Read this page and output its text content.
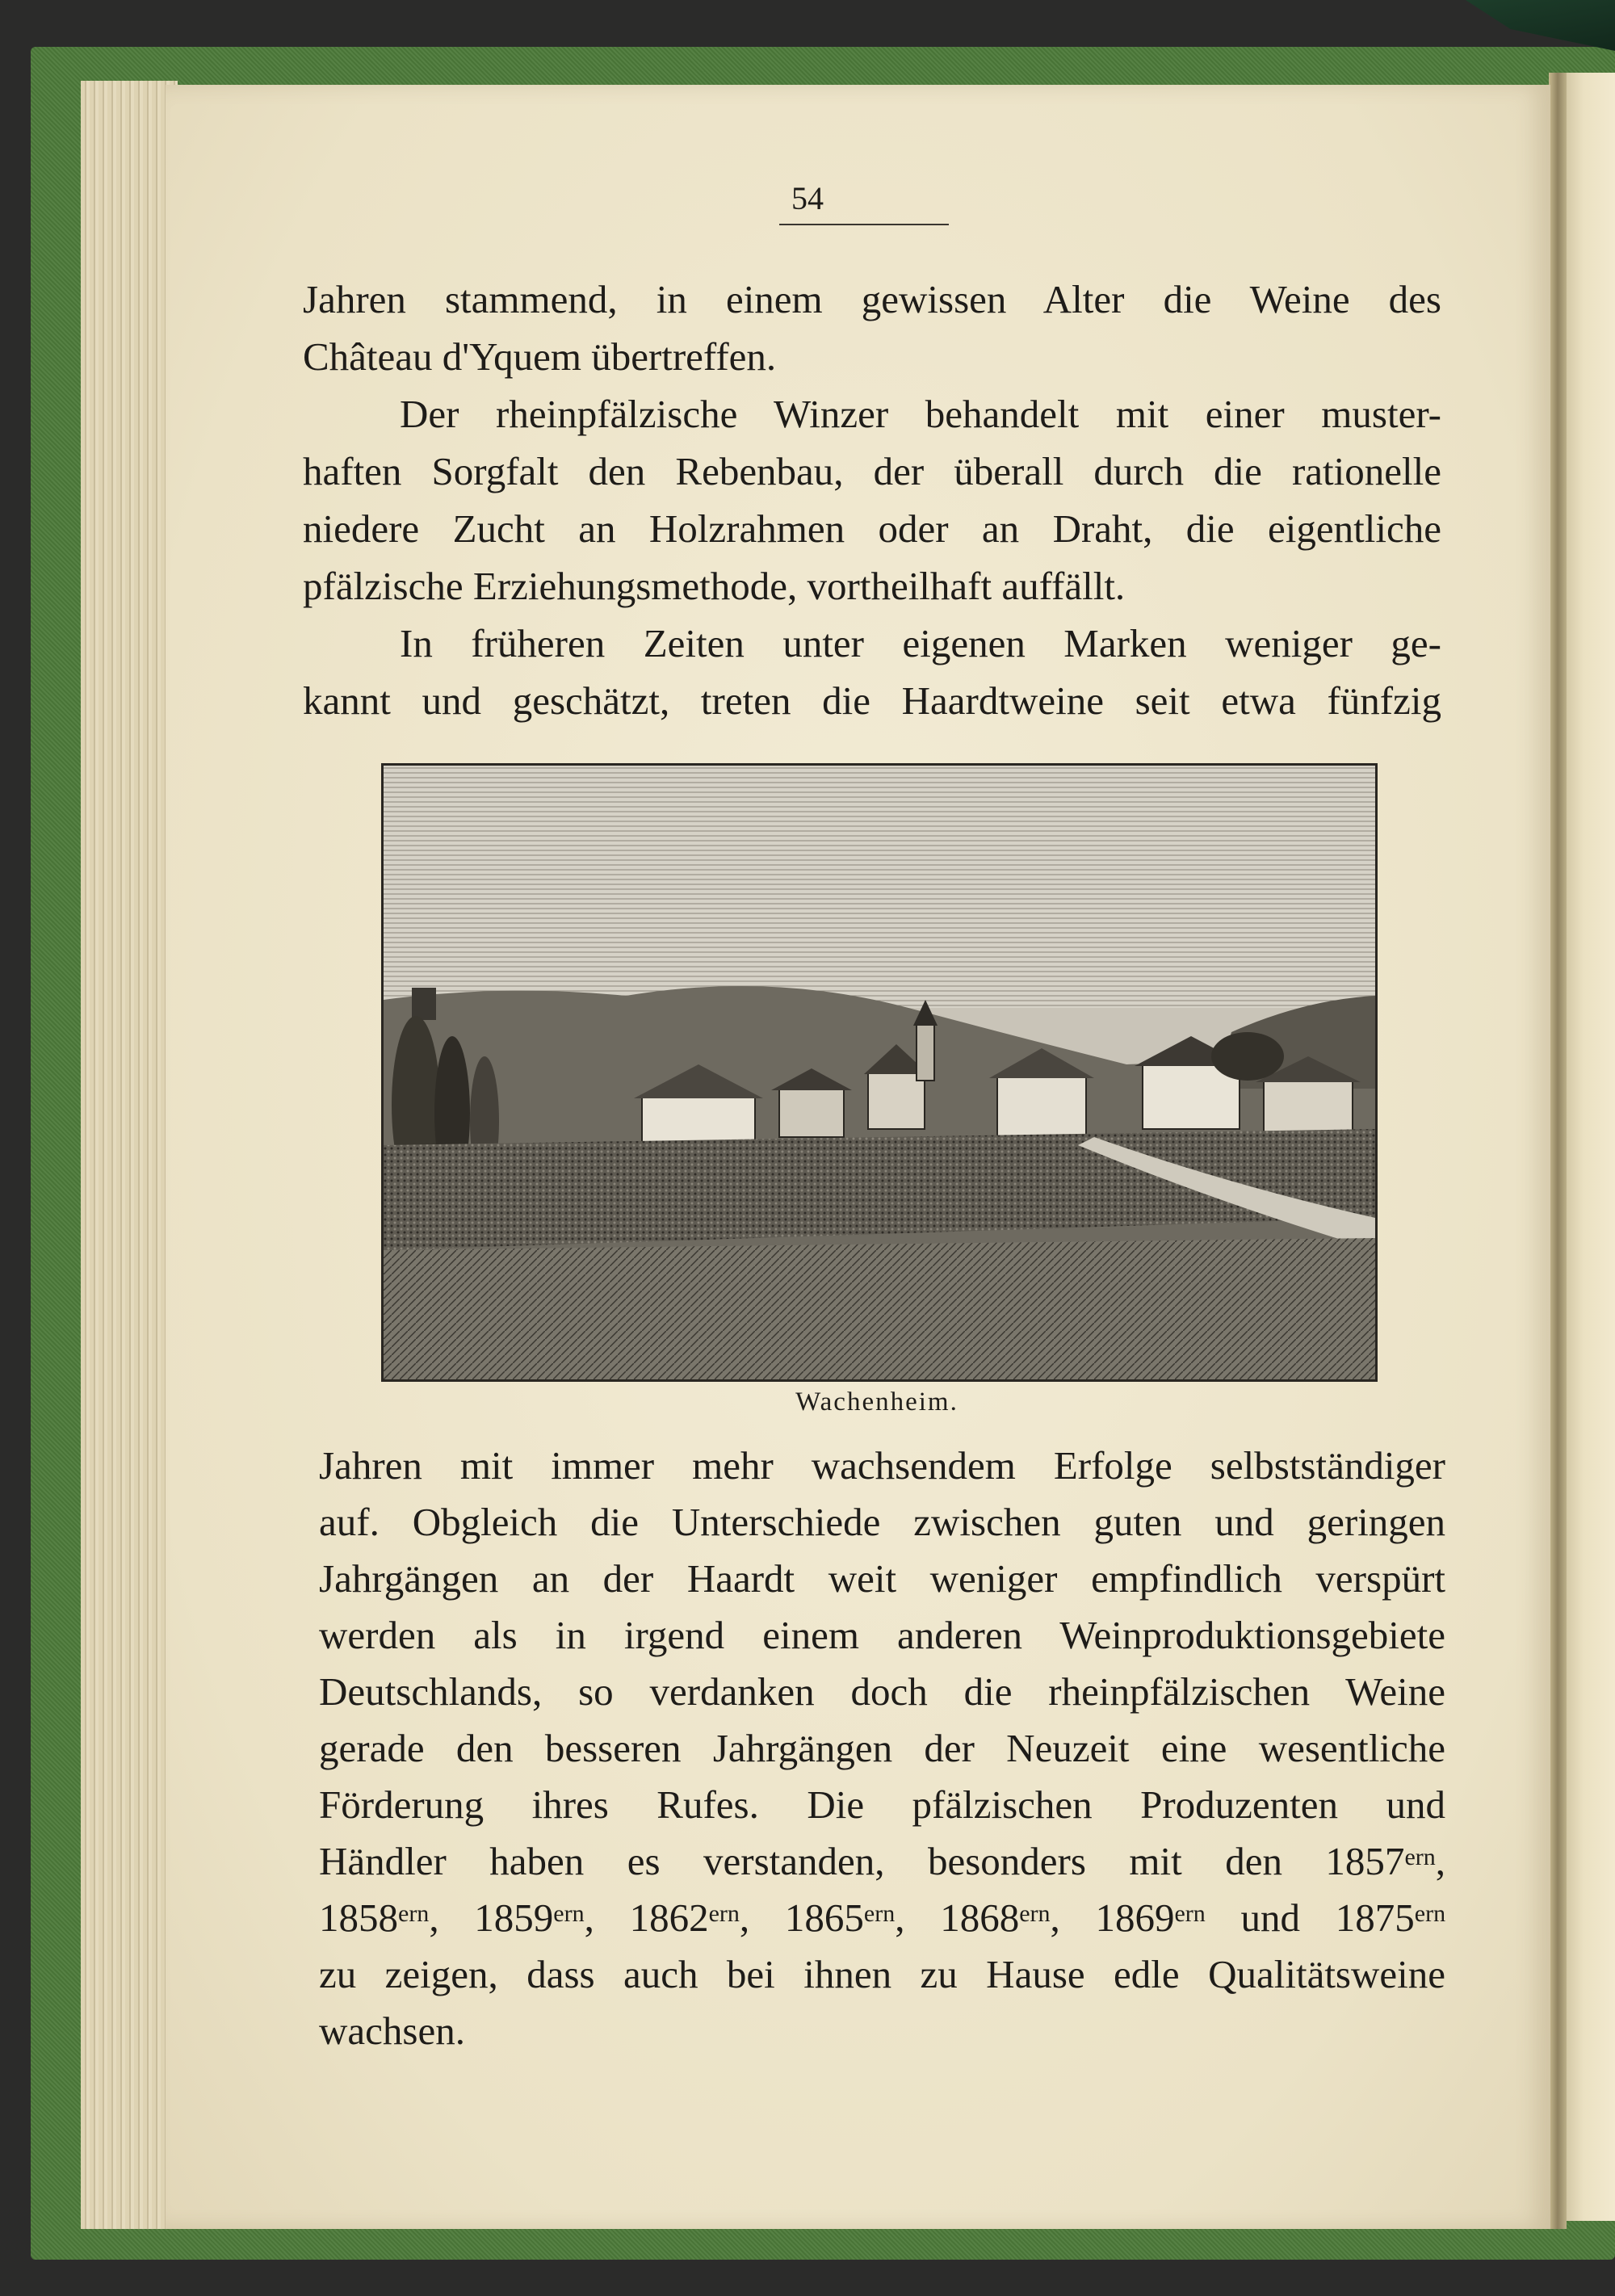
54

Jahren stammend, in einem gewissen Alter die Weine des

Château d'Yquem übertreffen.

Der rheinpfälzische Winzer behandelt mit einer muster-

haften Sorgfalt den Rebenbau, der überall durch die rationelle

niedere Zucht an Holzrahmen oder an Draht, die eigentliche

pfälzische Erziehungsmethode, vortheilhaft auffällt.

In früheren Zeiten unter eigenen Marken weniger ge-

kannt und geschätzt, treten die Haardtweine seit etwa fünfzig

Wachenheim.

Jahren mit immer mehr wachsendem Erfolge selbstständiger

auf. Obgleich die Unterschiede zwischen guten und geringen

Jahrgängen an der Haardt weit weniger empfindlich verspürt

werden als in irgend einem anderen Weinproduktionsgebiete

Deutschlands, so verdanken doch die rheinpfälzischen Weine

gerade den besseren Jahrgängen der Neuzeit eine wesentliche

Förderung ihres Rufes. Die pfälzischen Produzenten und

Händler haben es verstanden, besonders mit den $1857^{ern}$,

$1858^{ern}$, $1859^{ern}$, $1862^{ern}$, $1865^{ern}$, $1868^{ern}$, $1869^{ern}$ und $1875^{ern}$

zu zeigen, dass auch bei ihnen zu Hause edle Qualitätsweine

wachsen.
